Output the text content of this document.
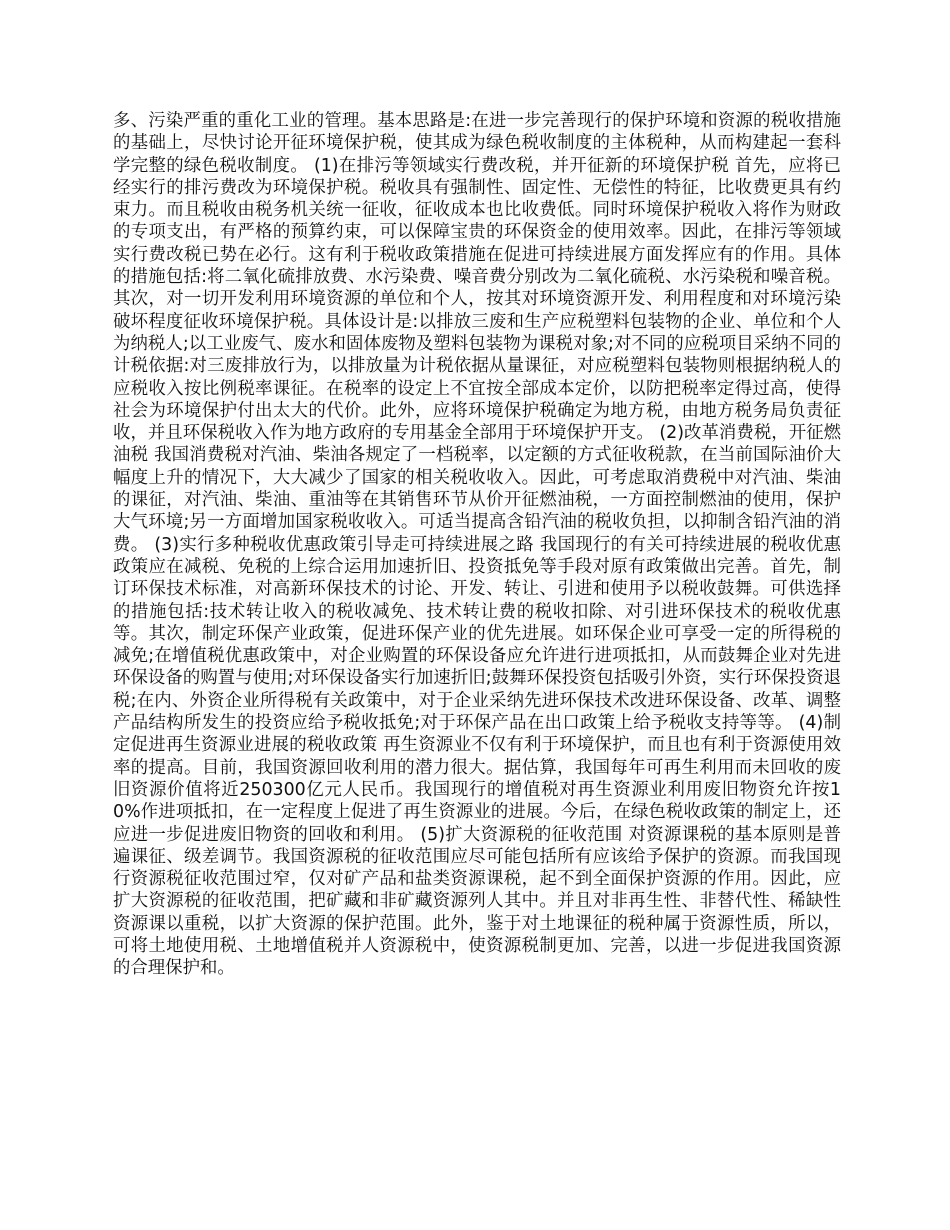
多、污染严重的重化工业的管理。基本思路是:在进一步完善现行的保护环境和资源的税收措施的基础上，尽快讨论开征环境保护税，使其成为绿色税收制度的主体税种，从而构建起一套科学完整的绿色税收制度。 (1)在排污等领域实行费改税，并开征新的环境保护税 首先，应将已经实行的排污费改为环境保护税。税收具有强制性、固定性、无偿性的特征，比收费更具有约束力。而且税收由税务机关统一征收，征收成本也比收费低。同时环境保护税收入将作为财政的专项支出，有严格的预算约束，可以保障宝贵的环保资金的使用效率。因此，在排污等领域实行费改税已势在必行。这有利于税收政策措施在促进可持续进展方面发挥应有的作用。具体的措施包括:将二氧化硫排放费、水污染费、噪音费分别改为二氧化硫税、水污染税和噪音税。其次，对一切开发利用环境资源的单位和个人，按其对环境资源开发、利用程度和对环境污染破坏程度征收环境保护税。具体设计是:以排放三废和生产应税塑料包装物的企业、单位和个人为纳税人;以工业废气、废水和固体废物及塑料包装物为课税对象;对不同的应税项目采纳不同的计税依据:对三废排放行为，以排放量为计税依据从量课征，对应税塑料包装物则根据纳税人的应税收入按比例税率课征。在税率的设定上不宜按全部成本定价，以防把税率定得过高，使得社会为环境保护付出太大的代价。此外，应将环境保护税确定为地方税，由地方税务局负责征收，并且环保税收入作为地方政府的专用基金全部用于环境保护开支。 (2)改革消费税，开征燃油税 我国消费税对汽油、柴油各规定了一档税率，以定额的方式征收税款，在当前国际油价大幅度上升的情况下，大大减少了国家的相关税收收入。因此，可考虑取消费税中对汽油、柴油的课征，对汽油、柴油、重油等在其销售环节从价开征燃油税，一方面控制燃油的使用，保护大气环境;另一方面增加国家税收收入。可适当提高含铅汽油的税收负担，以抑制含铅汽油的消费。 (3)实行多种税收优惠政策引导走可持续进展之路 我国现行的有关可持续进展的税收优惠政策应在减税、免税的上综合运用加速折旧、投资抵免等手段对原有政策做出完善。首先，制订环保技术标准，对高新环保技术的讨论、开发、转让、引进和使用予以税收鼓舞。可供选择的措施包括:技术转让收入的税收减免、技术转让费的税收扣除、对引进环保技术的税收优惠等。其次，制定环保产业政策，促进环保产业的优先进展。如环保企业可享受一定的所得税的减免;在增值税优惠政策中，对企业购置的环保设备应允许进行进项抵扣，从而鼓舞企业对先进环保设备的购置与使用;对环保设备实行加速折旧;鼓舞环保投资包括吸引外资，实行环保投资退税;在内、外资企业所得税有关政策中，对于企业采纳先进环保技术改进环保设备、改革、调整产品结构所发生的投资应给予税收抵免;对于环保产品在出口政策上给予税收支持等等。 (4)制定促进再生资源业进展的税收政策 再生资源业不仅有利于环境保护，而且也有利于资源使用效率的提高。目前，我国资源回收利用的潜力很大。据估算，我国每年可再生利用而未回收的废旧资源价值将近250300亿元人民币。我国现行的增值税对再生资源业利用废旧物资允许按10%作进项抵扣，在一定程度上促进了再生资源业的进展。今后，在绿色税收政策的制定上，还应进一步促进废旧物资的回收和利用。 (5)扩大资源税的征收范围 对资源课税的基本原则是普遍课征、级差调节。我国资源税的征收范围应尽可能包括所有应该给予保护的资源。而我国现行资源税征收范围过窄，仅对矿产品和盐类资源课税，起不到全面保护资源的作用。因此，应扩大资源税的征收范围，把矿藏和非矿藏资源列人其中。并且对非再生性、非替代性、稀缺性资源课以重税，以扩大资源的保护范围。此外，鉴于对土地课征的税种属于资源性质，所以，可将土地使用税、土地增值税并人资源税中，使资源税制更加、完善，以进一步促进我国资源的合理保护和。
